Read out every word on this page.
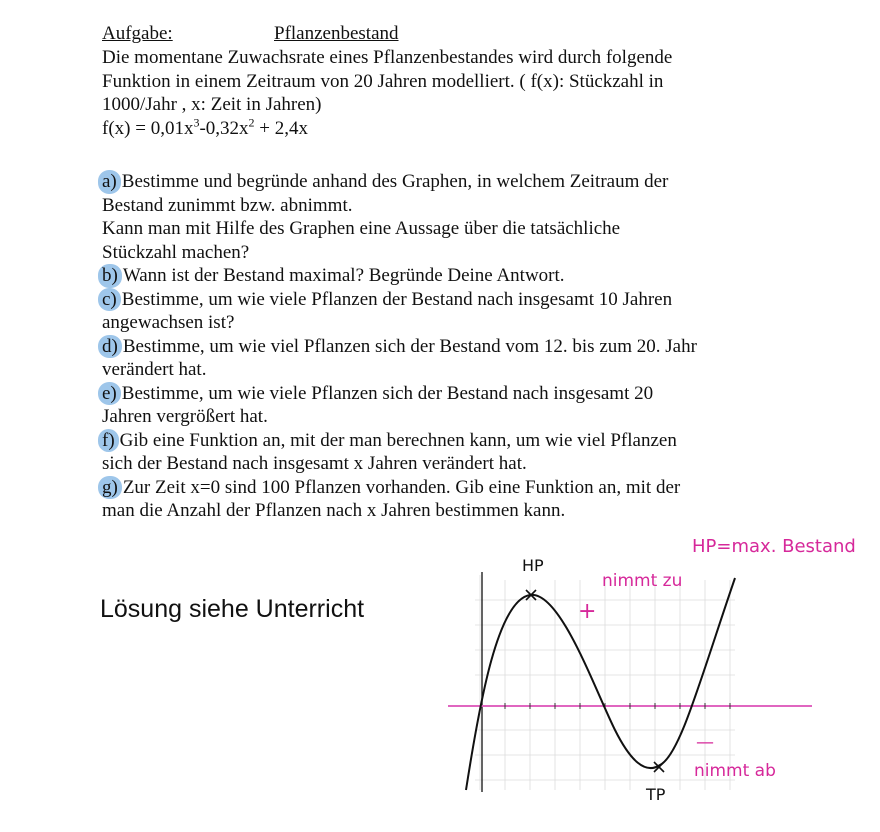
Aufgabe:	Pflanzenbestand

Die momentane Zuwachsrate eines Pflanzenbestandes wird durch folgende

Funktion in einem Zeitraum von 20 Jahren modelliert. ( f(x): Stückzahl in

1000/Jahr , x: Zeit in Jahren)

$f(x) = 0,01x^3-0,32x^2 + 2,4x$

a) Bestimme und begründe anhand des Graphen, in welchem Zeitraum der

Bestand zunimmt bzw. abnimmt.

Kann man mit Hilfe des Graphen eine Aussage über die tatsächliche

Stückzahl machen?

b) Wann ist der Bestand maximal? Begründe Deine Antwort.

c) Bestimme, um wie viele Pflanzen der Bestand nach insgesamt 10 Jahren

angewachsen ist?

d) Bestimme, um wie viel Pflanzen sich der Bestand vom 12. bis zum 20. Jahr

verändert hat.

e) Bestimme, um wie viele Pflanzen sich der Bestand nach insgesamt 20

Jahren vergrößert hat.

f) Gib eine Funktion an, mit der man berechnen kann, um wie viel Pflanzen

sich der Bestand nach insgesamt x Jahren verändert hat.

g) Zur Zeit x=0 sind 100 Pflanzen vorhanden. Gib eine Funktion an, mit der

man die Anzahl der Pflanzen nach x Jahren bestimmen kann.

Lösung siehe Unterricht
HP=max. Bestand
nimmt zu
+
—
nimmt ab
HP
TP
